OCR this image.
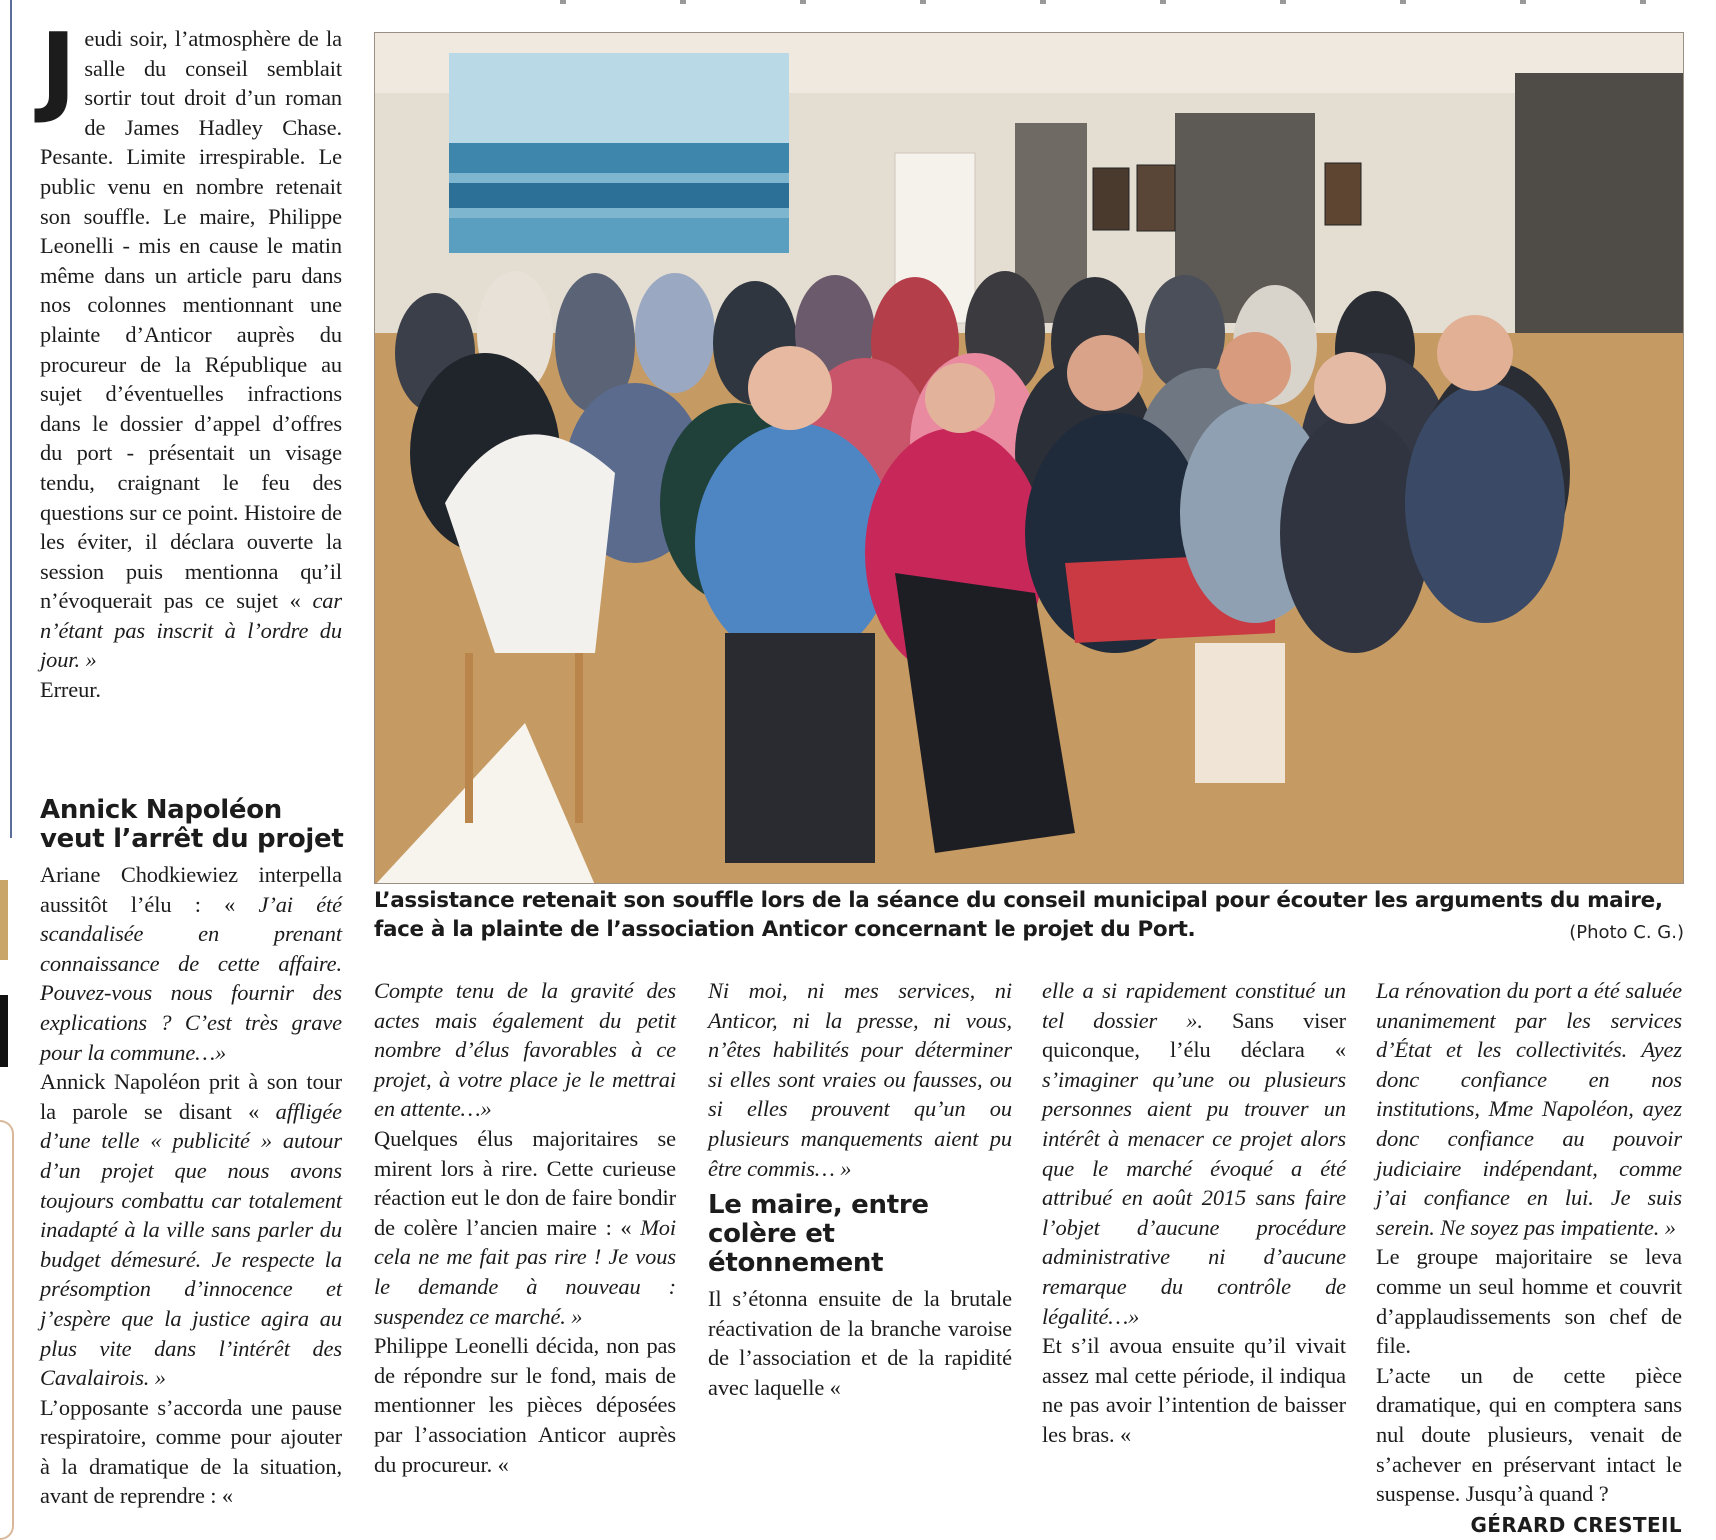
Jeudi soir, l’atmosphère de la salle du conseil semblait sortir tout droit d’un roman de James Hadley Chase. Pesante. Limite irrespirable. Le public venu en nombre retenait son souffle. Le maire, Philippe Leonelli - mis en cause le matin même dans un article paru dans nos colonnes mentionnant une plainte d’Anticor auprès du procureur de la République au sujet d’éventuelles infractions dans le dossier d’appel d’offres du port - présentait un visage tendu, craignant le feu des questions sur ce point. Histoire de les éviter, il déclara ouverte la session puis mentionna qu’il n’évoquerait pas ce sujet « car n’étant pas inscrit à l’ordre du jour. »

Erreur.

Annick Napoléon veut l’arrêt du projet

Ariane Chodkiewiez interpella aussitôt l’élu : « J’ai été scandalisée en prenant connaissance de cette affaire. Pouvez-vous nous fournir des explications ? C’est très grave pour la commune…»

Annick Napoléon prit à son tour la parole se disant « affligée d’une telle « publicité » autour d’un projet que nous avons toujours combattu car totalement inadapté à la ville sans parler du budget démesuré. Je respecte la présomption d’innocence et j’espère que la justice agira au plus vite dans l’intérêt des Cavalairois. »

L’opposante s’accorda une pause respiratoire, comme pour ajouter à la dramatique de la situation, avant de reprendre : «

L’assistance retenait son souffle lors de la séance du conseil municipal pour écouter les arguments du maire, face à la plainte de l’association Anticor concernant le projet du Port.	(Photo C. G.)

Compte tenu de la gravité des actes mais également du petit nombre d’élus favorables à ce projet, à votre place je le mettrai en attente…»

Quelques élus majoritaires se mirent lors à rire. Cette curieuse réaction eut le don de faire bondir de colère l’ancien maire : « Moi cela ne me fait pas rire ! Je vous le demande à nouveau : suspendez ce marché. »

Philippe Leonelli décida, non pas de répondre sur le fond, mais de mentionner les pièces déposées par l’association Anticor auprès du procureur. «

Ni moi, ni mes services, ni Anticor, ni la presse, ni vous, n’êtes habilités pour déterminer si elles sont vraies ou fausses, ou si elles prouvent qu’un ou plusieurs manquements aient pu être commis… »

Le maire, entre colère et étonnement

Il s’étonna ensuite de la brutale réactivation de la branche varoise de l’association et de la rapidité avec laquelle «

elle a si rapidement constitué un tel dossier ». Sans viser quiconque, l’élu déclara « s’imaginer qu’une ou plusieurs personnes aient pu trouver un intérêt à menacer ce projet alors que le marché évoqué a été attribué en août 2015 sans faire l’objet d’aucune procédure administrative ni d’aucune remarque du contrôle de légalité…»

Et s’il avoua ensuite qu’il vivait assez mal cette période, il indiqua ne pas avoir l’intention de baisser les bras. «

La rénovation du port a été saluée unanimement par les services d’État et les collectivités. Ayez donc confiance en nos institutions, Mme Napoléon, ayez donc confiance au pouvoir judiciaire indépendant, comme j’ai confiance en lui. Je suis serein. Ne soyez pas impatiente. »

Le groupe majoritaire se leva comme un seul homme et couvrit d’applaudissements son chef de file.

L’acte un de cette pièce dramatique, qui en comptera sans nul doute plusieurs, venait de s’achever en préservant intact le suspense. Jusqu’à quand ?

GÉRARD CRESTEIL
